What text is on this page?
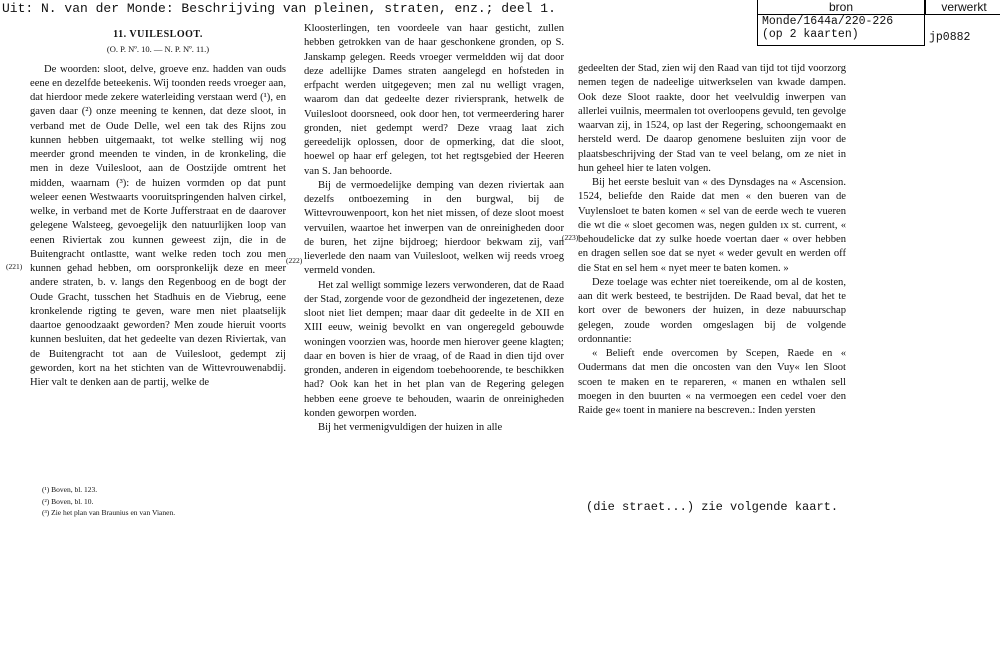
Uit: N. van der Monde: Beschrijving van pleinen, straten, enz.; deel 1.	bron	verwerkt
Monde/1644a/220-226
(op 2 kaarten)	jp0882

11. VUILESLOOT.

(O. P. Nº. 10. — N. P. Nº. 11.)

De woorden: sloot, delve, groeve enz. hadden van ouds eene en dezelfde beteekenis. Wij toonden reeds vroeger aan, dat hierdoor mede zekere waterleiding verstaan werd (¹), en gaven daar (²) onze meening te kennen, dat deze sloot, in verband met de Oude Delle, wel een tak des Rijns zou kunnen hebben uitgemaakt, tot welke stelling wij nog meerder grond meenden te vinden, in de kronkeling, die men in deze Vuilesloot, aan de Oostzijde omtrent het midden, waarnam (³): de huizen vormden op dat punt weleer eenen Westwaarts vooruitspringenden halven cirkel, welke, in verband met de Korte Jufferstraat en de daarover gelegene Walsteeg, gevoegelijk den natuurlijken loop van eenen Riviertak zou kunnen geweest zijn, die in de Buitengracht ontlastte, want welke reden toch zou men kunnen gehad hebben, om oorspronkelijk deze en meer andere straten, b. v. langs den Regenboog en de bogt der Oude Gracht, tusschen het Stadhuis en de Viebrug, eene kronkelende rigting te geven, ware men niet plaatselijk daartoe genoodzaakt geworden? Men zoude hieruit voorts kunnen besluiten, dat het gedeelte van dezen Riviertak, van de Buitengracht tot aan de Vuilesloot, gedempt zij geworden, kort na het stichten van de Wittevrouwenabdij. Hier valt te denken aan de partij, welke de

(¹) Boven, bl. 123.
(²) Boven, bl. 10.
(³) Zie het plan van Braunius en van Vianen.
(221)
(222)
(223)

Kloosterlingen, ten voordeele van haar gesticht, zullen hebben getrokken van de haar geschonkene gronden, op S. Janskamp gelegen. Reeds vroeger vermeldden wij dat door deze adellijke Dames straten aangelegd en hofsteden in erfpacht werden uitgegeven; men zal nu welligt vragen, waarom dan dat gedeelte dezer riviersprank, hetwelk de Vuilesloot doorsneed, ook door hen, tot vermeerdering harer gronden, niet gedempt werd? Deze vraag laat zich gereedelijk oplossen, door de opmerking, dat die sloot, hoewel op haar erf gelegen, tot het regtsgebied der Heeren van S. Jan behoorde.

Bij de vermoedelijke demping van dezen riviertak aan dezelfs ontboezeming in den burgwal, bij de Wittevrouwenpoort, kon het niet missen, of deze sloot moest vervuilen, waartoe het inwerpen van de onreinigheden door de buren, het zijne bijdroeg; hierdoor bekwam zij, van lieverlede den naam van Vuilesloot, welken wij reeds vroeg vermeld vonden.

Het zal welligt sommige lezers verwonderen, dat de Raad der Stad, zorgende voor de gezondheid der ingezetenen, deze sloot niet liet dempen; maar daar dit gedeelte in de XII en XIII eeuw, weinig bevolkt en van ongeregeld gebouwde woningen voorzien was, hoorde men hierover geene klagten; daar en boven is hier de vraag, of de Raad in dien tijd over gronden, anderen in eigendom toebehoorende, te beschikken had? Ook kan het in het plan van de Regering gelegen hebben eene groeve te behouden, waarin de onreinigheden konden geworpen worden.

Bij het vermenigvuldigen der huizen in alle

gedeelten der Stad, zien wij den Raad van tijd tot tijd voorzorg nemen tegen de nadeelige uitwerkselen van kwade dampen. Ook deze Sloot raakte, door het veelvuldig inwerpen van allerlei vuilnis, meermalen tot overloopens gevuld, ten gevolge waarvan zij, in 1524, op last der Regering, schoongemaakt en hersteld werd. De daarop genomene besluiten zijn voor de plaatsbeschrijving der Stad van te veel belang, om ze niet in hun geheel hier te laten volgen.

Bij het eerste besluit van « des Dynsdages na « Ascension. 1524, beliefde den Raide dat men « den bueren van de Vuylensloet te baten komen « sel van de eerde wech te vueren die wt die « sloet gecomen was, negen gulden ıx st. current, « behoudelicke dat zy sulke hoede voertan daer « over hebben en dragen sellen soe dat se nyet « weder gevult en werden off die Stat en sel hem « nyet meer te baten komen. »

Deze toelage was echter niet toereikende, om al de kosten, aan dit werk besteed, te bestrijden. De Raad beval, dat het te kort over de bewoners der huizen, in deze nabuurschap gelegen, zoude worden omgeslagen bij de volgende ordonnantie:

« Belieft ende overcomen by Scepen, Raede en « Oudermans dat men die oncosten van den Vuy« len Sloot scoen te maken en te repareren, « manen en wthalen sell moegen in den buurten « na vermoegen een cedel voer den Raide ge« toent in maniere na bescreven.: Inden yersten

(die straet...) zie volgende kaart.
